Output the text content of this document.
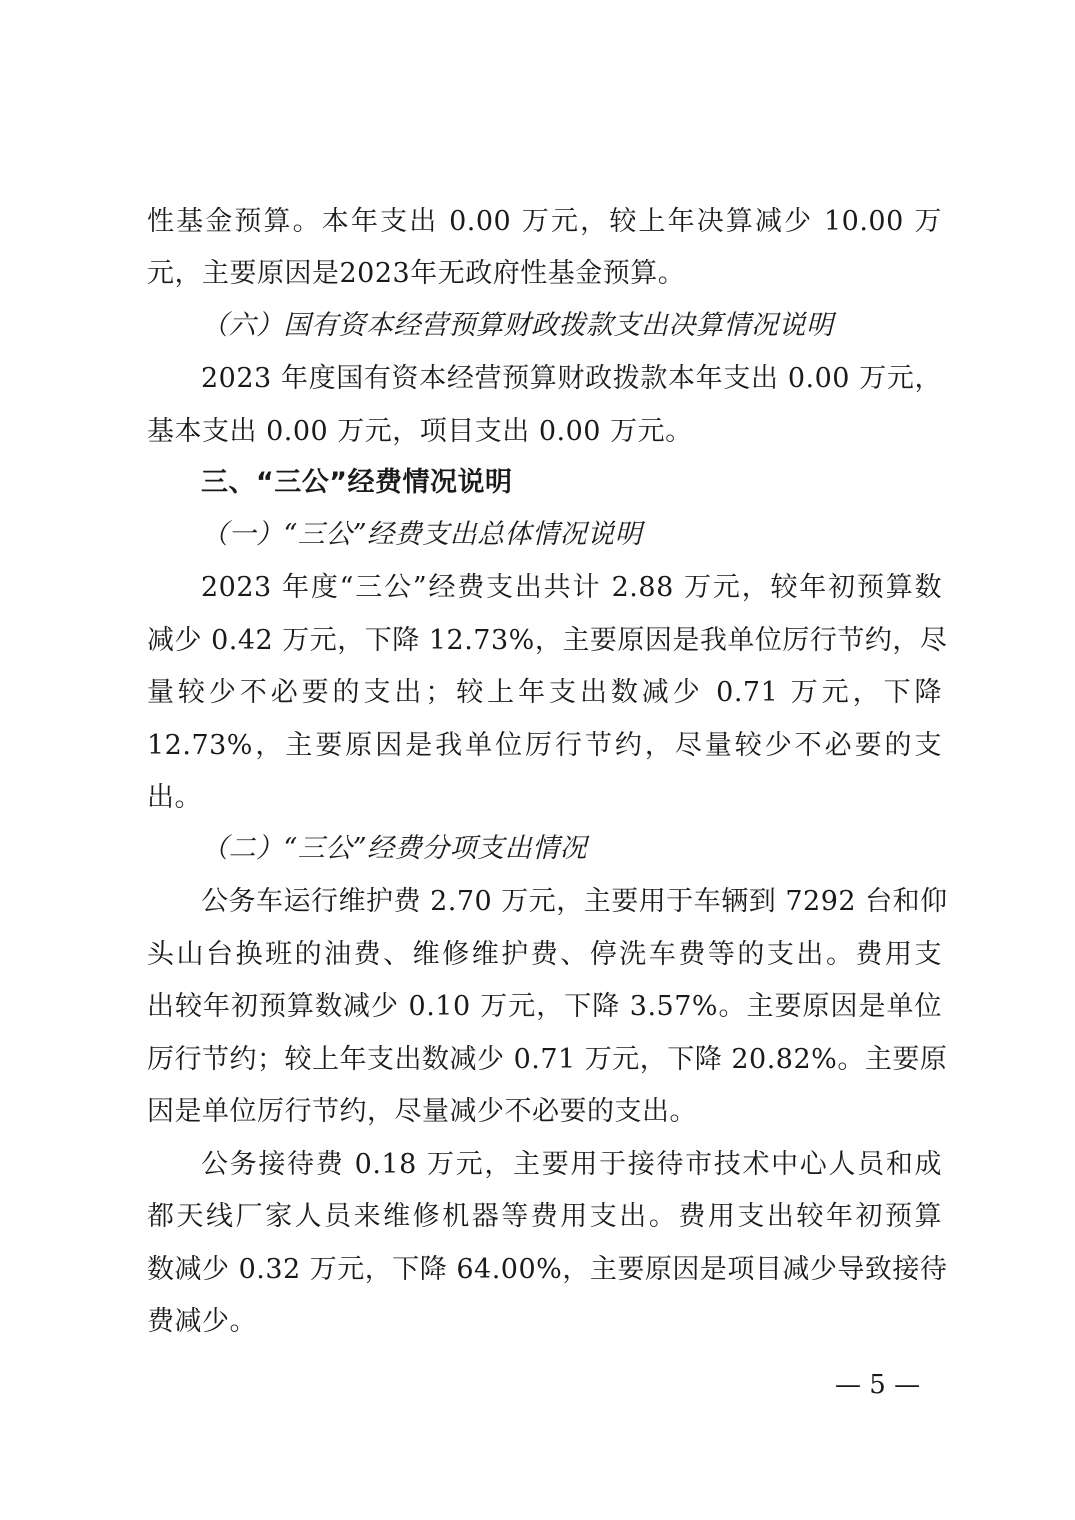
性基金预算。本年支出 0.00 万元，较上年决算减少 10.00 万
元，主要原因是2023年无政府性基金预算。
（六）国有资本经营预算财政拨款支出决算情况说明
2023 年度国有资本经营预算财政拨款本年支出 0.00 万元，
基本支出 0.00 万元，项目支出 0.00 万元。
三、“三公”经费情况说明
（一）“三公”经费支出总体情况说明
2023 年度“三公”经费支出共计 2.88 万元，较年初预算数
减少 0.42 万元，下降 12.73%，主要原因是我单位厉行节约，尽
量较少不必要的支出；较上年支出数减少 0.71 万元，下降
12.73%，主要原因是我单位厉行节约，尽量较少不必要的支
出。
（二）“三公”经费分项支出情况
公务车运行维护费 2.70 万元，主要用于车辆到 7292 台和仰
头山台换班的油费、维修维护费、停洗车费等的支出。费用支
出较年初预算数减少 0.10 万元，下降 3.57%。主要原因是单位
厉行节约；较上年支出数减少 0.71 万元，下降 20.82%。主要原
因是单位厉行节约，尽量减少不必要的支出。
公务接待费 0.18 万元，主要用于接待市技术中心人员和成
都天线厂家人员来维修机器等费用支出。费用支出较年初预算
数减少 0.32 万元，下降 64.00%，主要原因是项目减少导致接待
费减少。
— 5 —
